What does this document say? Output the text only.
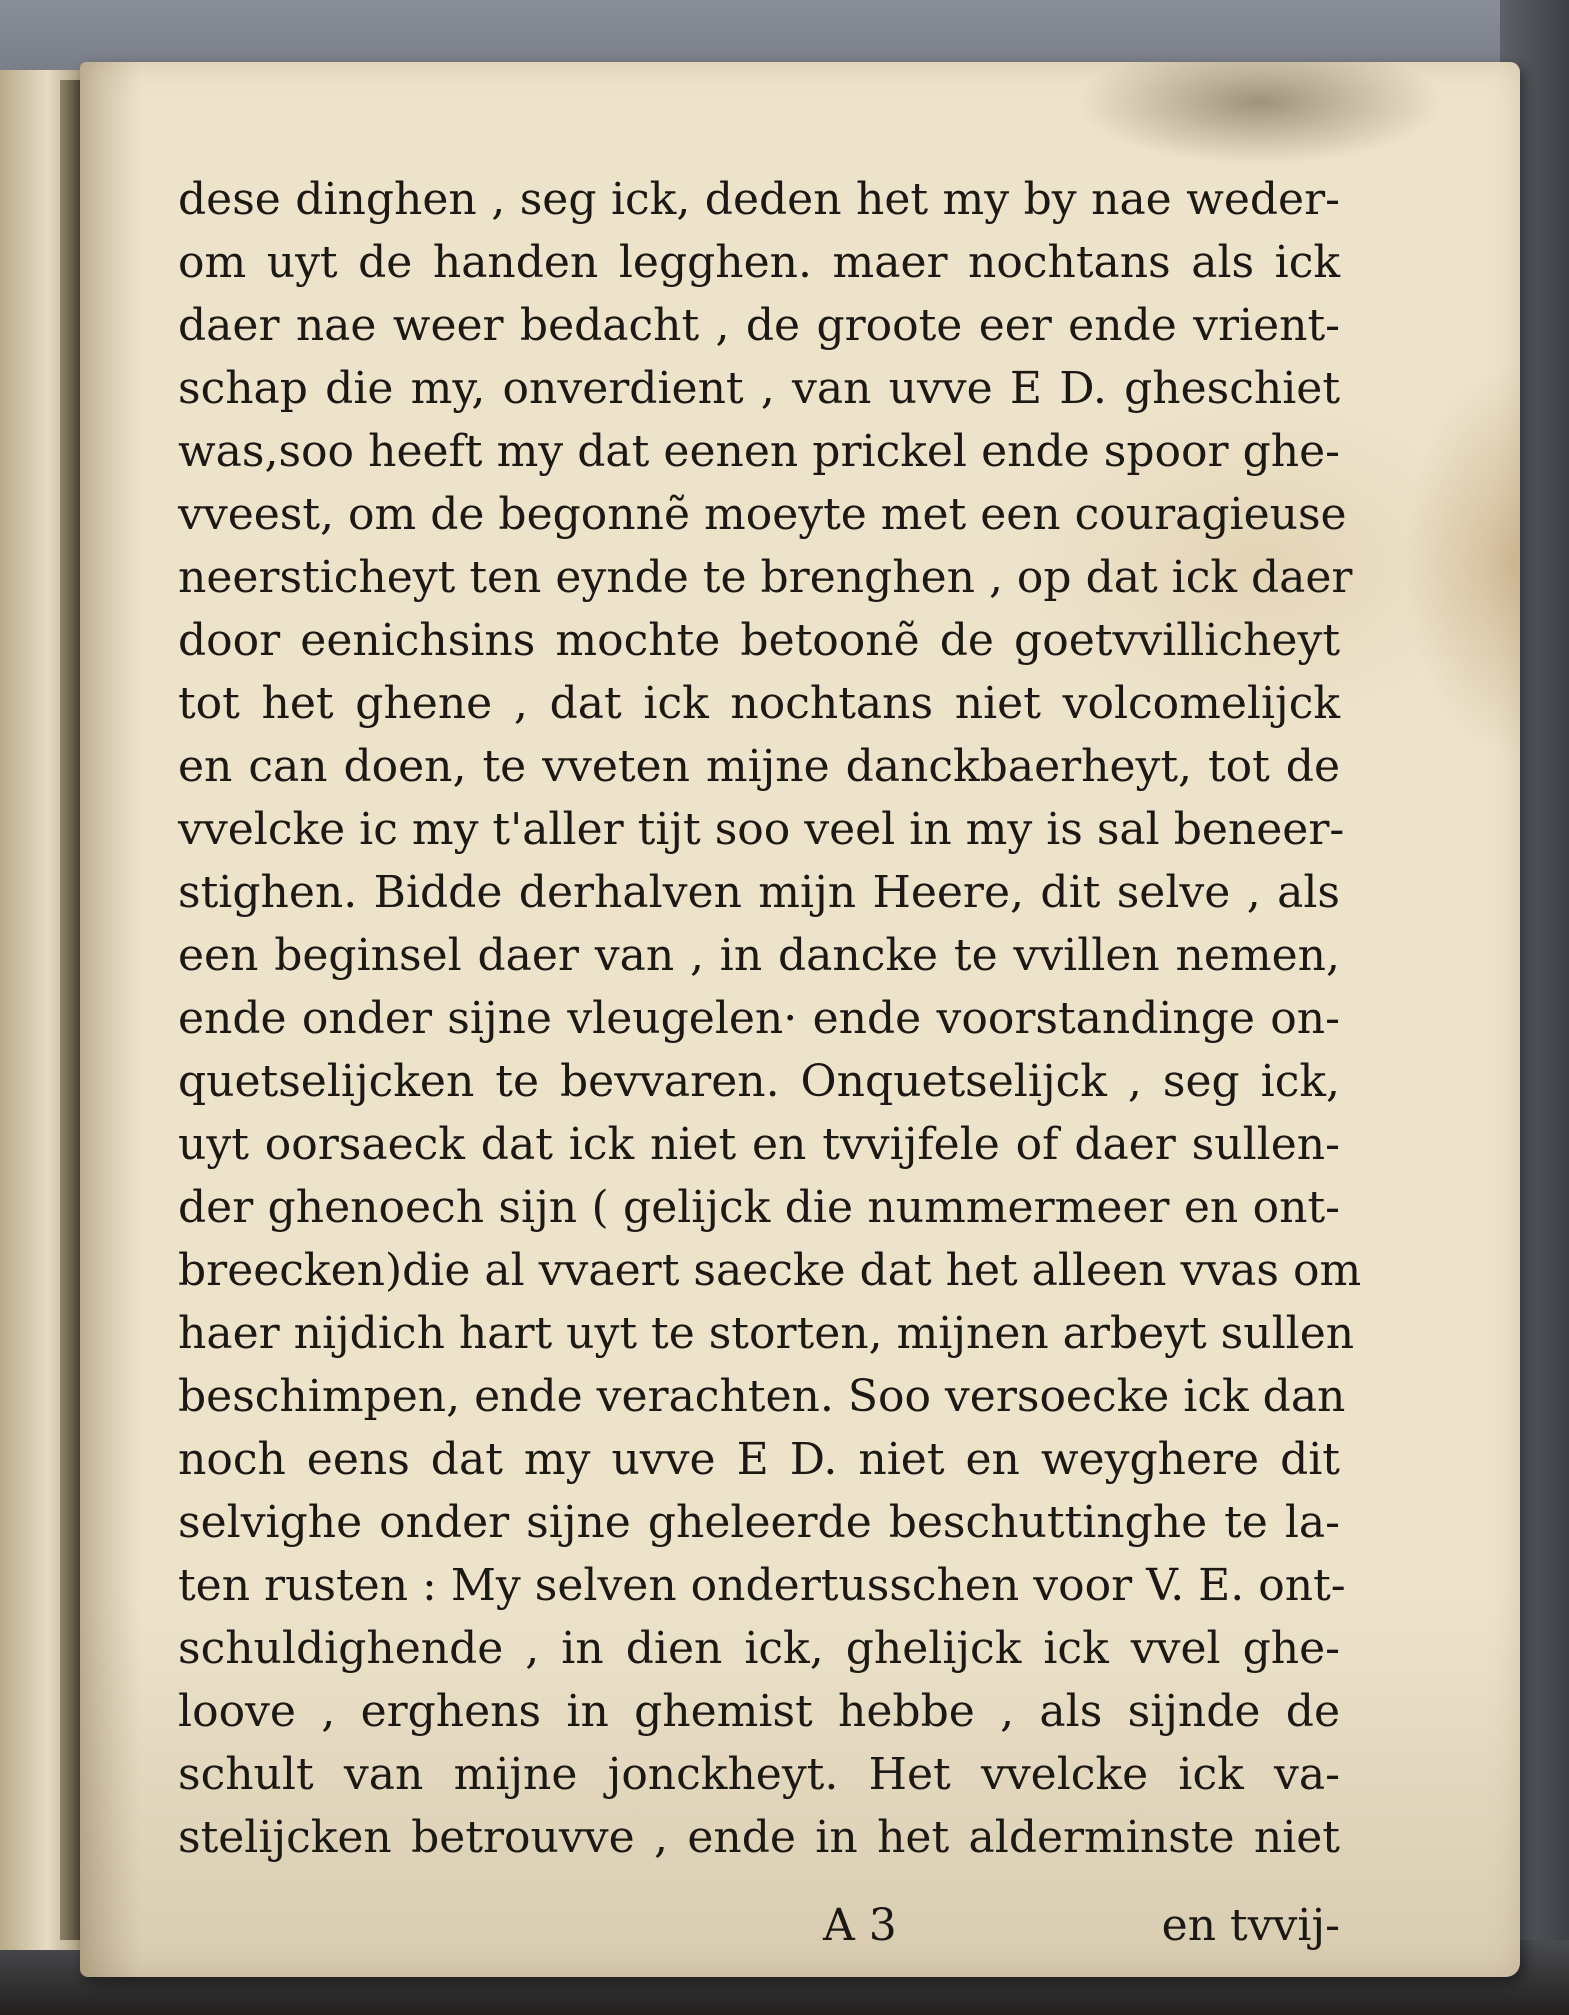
dese dinghen , seg ick, deden het my by nae weder-
om uyt de handen legghen. maer nochtans als ick
daer nae weer bedacht , de groote eer ende vrient-
schap die my, onverdient , van uvve E D. gheschiet
was,soo heeft my dat eenen prickel ende spoor ghe-
vveest, om de begonnẽ moeyte met een couragieuse
neersticheyt ten eynde te brenghen , op dat ick daer
door eenichsins mochte betoonẽ de goetvvillicheyt
tot het ghene , dat ick nochtans niet volcomelijck
en can doen, te vveten mijne danckbaerheyt, tot de
vvelcke ic my t'aller tijt soo veel in my is sal beneer-
stighen. Bidde derhalven mijn Heere, dit selve , als
een beginsel daer van , in dancke te vvillen nemen,
ende onder sijne vleugelen· ende voorstandinge on-
quetselijcken te bevvaren. Onquetselijck , seg ick,
uyt oorsaeck dat ick niet en tvvijfele of daer sullen-
der ghenoech sijn ( gelijck die nummermeer en ont-
breecken)die al vvaert saecke dat het alleen vvas om
haer nijdich hart uyt te storten, mijnen arbeyt sullen
beschimpen, ende verachten. Soo versoecke ick dan
noch eens dat my uvve E D. niet en weyghere dit
selvighe onder sijne gheleerde beschuttinghe te la-
ten rusten : My selven ondertusschen voor V. E. ont-
schuldighende , in dien ick, ghelijck ick vvel ghe-
loove , erghens in ghemist hebbe , als sijnde de
schult van mijne jonckheyt. Het vvelcke ick va-
stelijcken betrouvve , ende in het alderminste niet
A 3	en tvvij-
